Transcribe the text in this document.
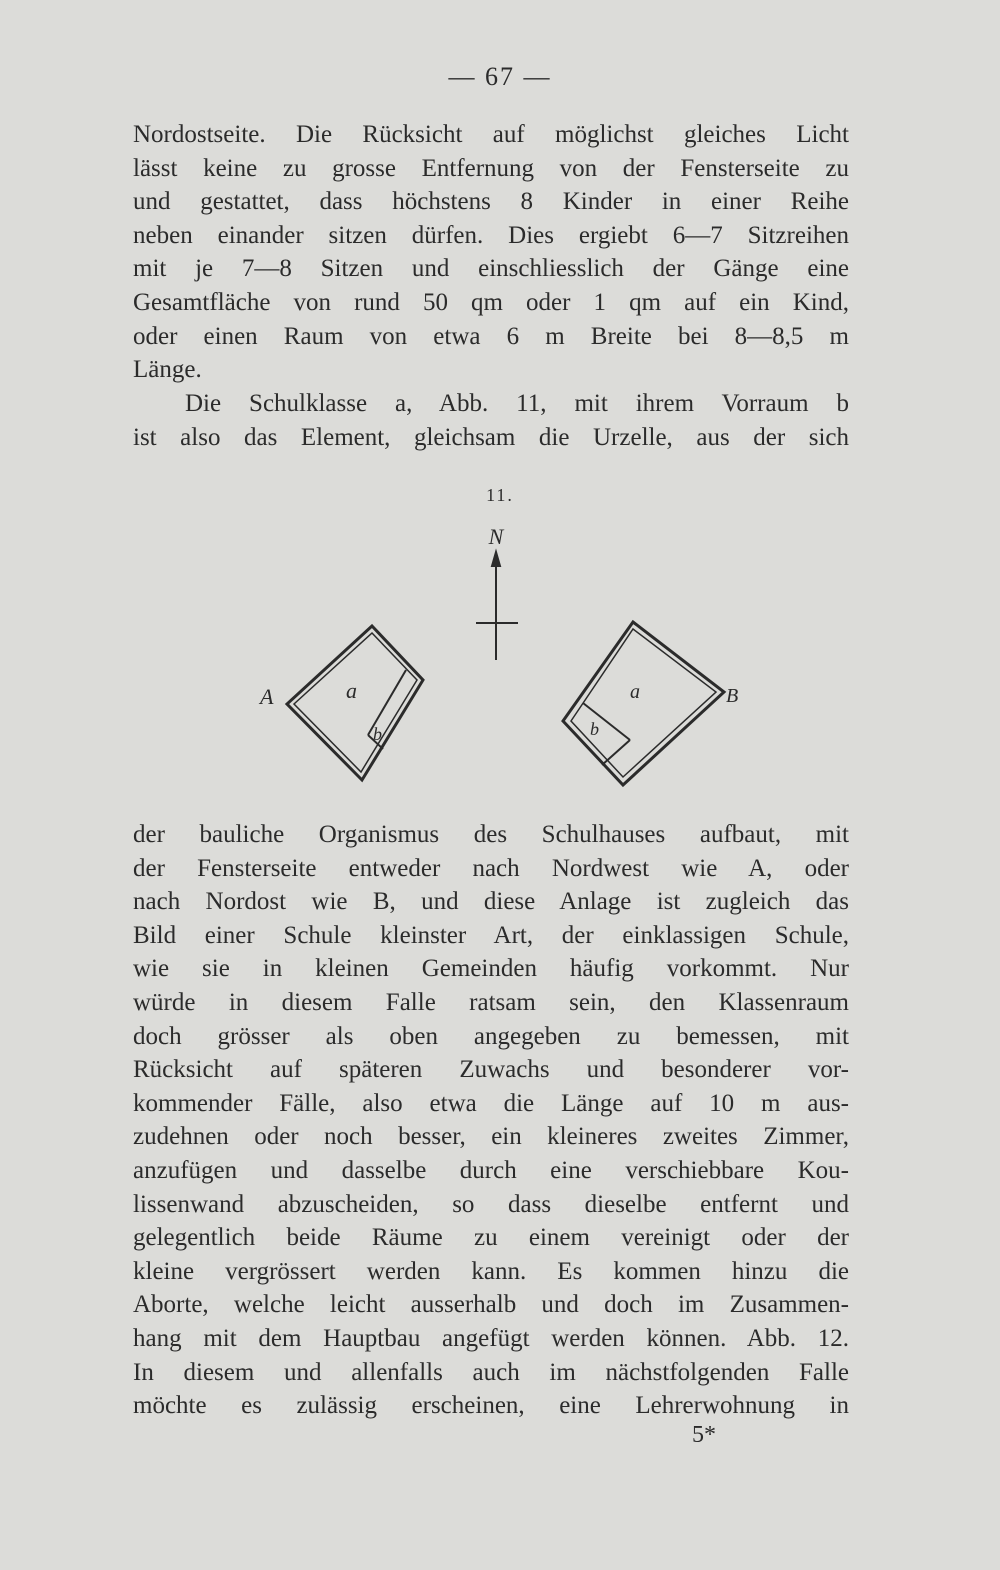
— 67 —
Nordostseite. Die Rücksicht auf möglichst gleiches Licht
lässt keine zu grosse Entfernung von der Fensterseite zu
und gestattet, dass höchstens 8 Kinder in einer Reihe
neben einander sitzen dürfen. Dies ergiebt 6—7 Sitzreihen
mit je 7—8 Sitzen und einschliesslich der Gänge eine
Gesamtfläche von rund 50 qm oder 1 qm auf ein Kind,
oder einen Raum von etwa 6 m Breite bei 8—8,5 m
Länge.
Die Schulklasse a, Abb. 11, mit ihrem Vorraum b
ist also das Element, gleichsam die Urzelle, aus der sich
11.
N
A	a
b
a
b
B
der bauliche Organismus des Schulhauses aufbaut, mit
der Fensterseite entweder nach Nordwest wie A, oder
nach Nordost wie B, und diese Anlage ist zugleich das
Bild einer Schule kleinster Art, der einklassigen Schule,
wie sie in kleinen Gemeinden häufig vorkommt. Nur
würde in diesem Falle ratsam sein, den Klassenraum
doch grösser als oben angegeben zu bemessen, mit
Rücksicht auf späteren Zuwachs und besonderer vor-
kommender Fälle, also etwa die Länge auf 10 m aus-
zudehnen oder noch besser, ein kleineres zweites Zimmer,
anzufügen und dasselbe durch eine verschiebbare Kou-
lissenwand abzuscheiden, so dass dieselbe entfernt und
gelegentlich beide Räume zu einem vereinigt oder der
kleine vergrössert werden kann. Es kommen hinzu die
Aborte, welche leicht ausserhalb und doch im Zusammen-
hang mit dem Hauptbau angefügt werden können. Abb. 12.
In diesem und allenfalls auch im nächstfolgenden Falle
möchte es zulässig erscheinen, eine Lehrerwohnung in
5*
